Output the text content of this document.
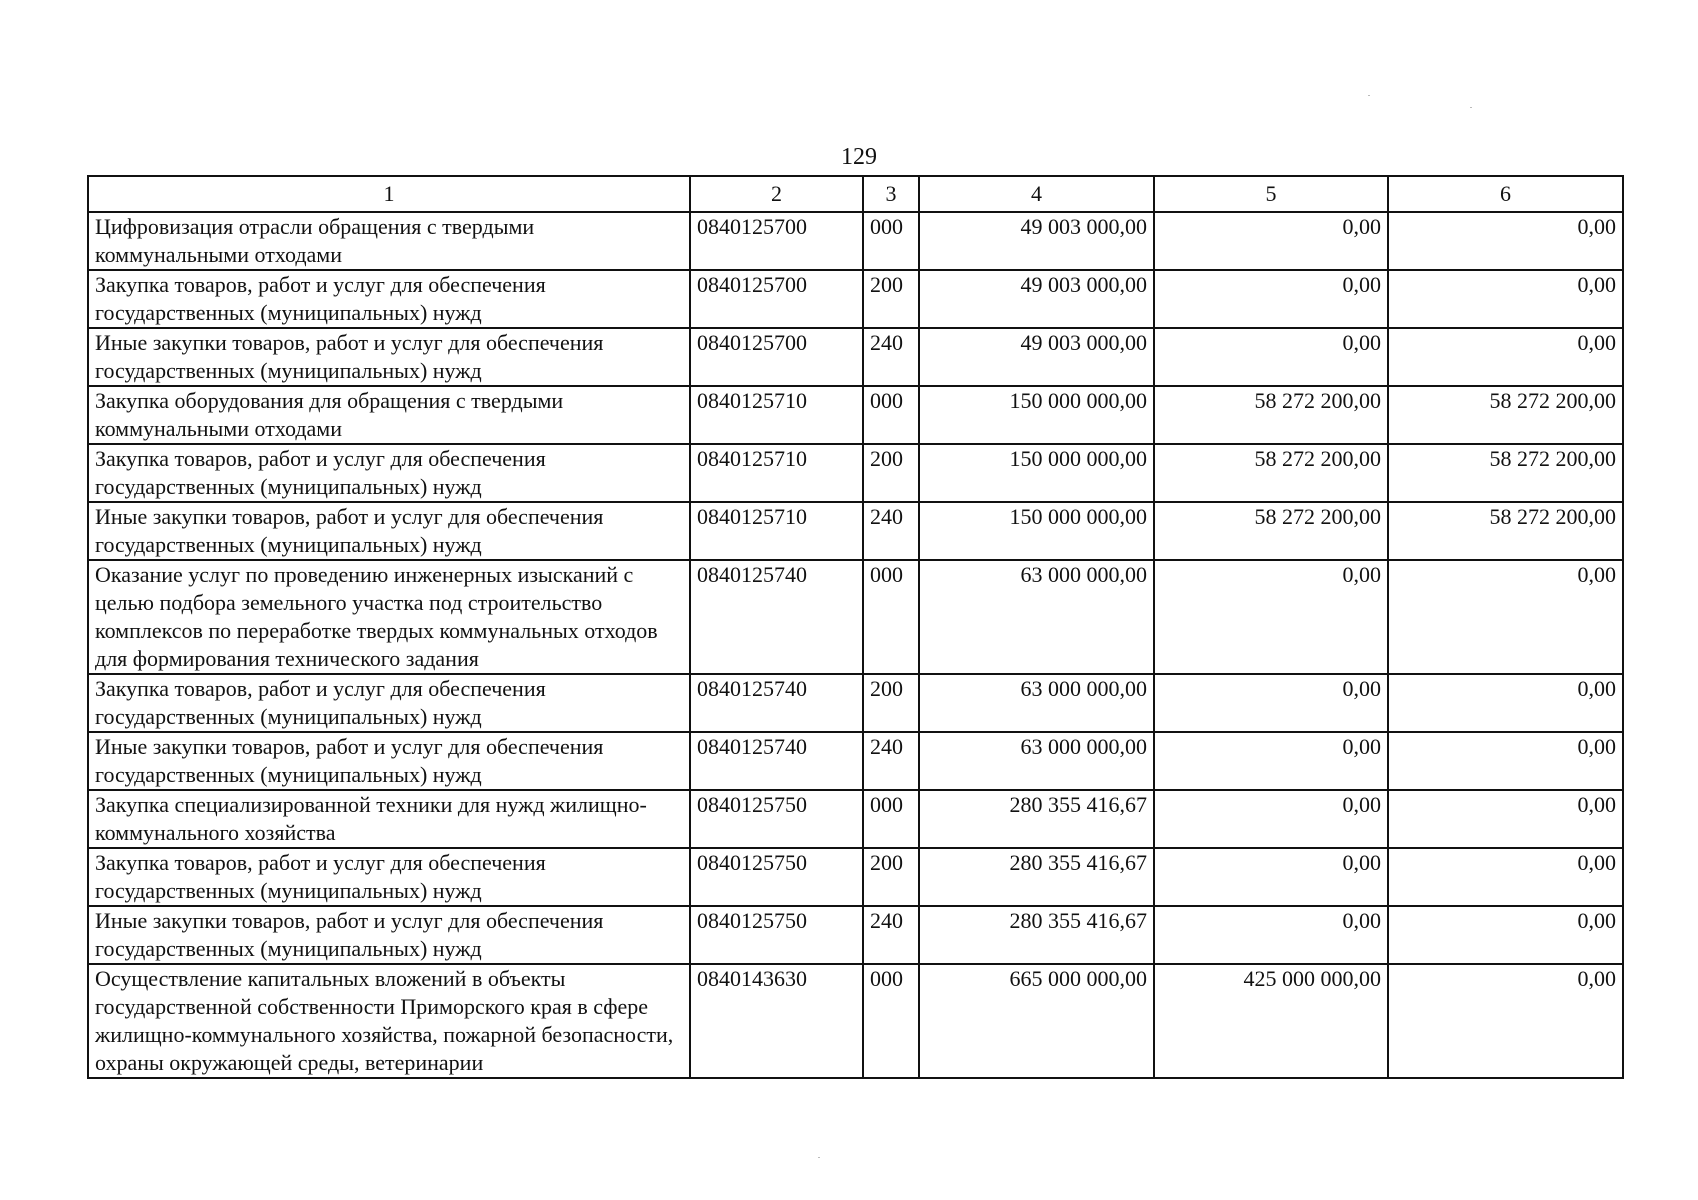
129
1	2	3	4	5	6
Цифровизация отрасли обращения с твердыми коммунальными отходами	0840125700	000	49 003 000,00	0,00	0,00
Закупка товаров, работ и услуг для обеспечения государственных (муниципальных) нужд	0840125700	200	49 003 000,00	0,00	0,00
Иные закупки товаров, работ и услуг для обеспечения государственных (муниципальных) нужд	0840125700	240	49 003 000,00	0,00	0,00
Закупка оборудования для обращения с твердыми коммунальными отходами	0840125710	000	150 000 000,00	58 272 200,00	58 272 200,00
Закупка товаров, работ и услуг для обеспечения государственных (муниципальных) нужд	0840125710	200	150 000 000,00	58 272 200,00	58 272 200,00
Иные закупки товаров, работ и услуг для обеспечения государственных (муниципальных) нужд	0840125710	240	150 000 000,00	58 272 200,00	58 272 200,00
Оказание услуг по проведению инженерных изысканий с целью подбора земельного участка под строительство комплексов по переработке твердых коммунальных отходов для формирования технического задания	0840125740	000	63 000 000,00	0,00	0,00
Закупка товаров, работ и услуг для обеспечения государственных (муниципальных) нужд	0840125740	200	63 000 000,00	0,00	0,00
Иные закупки товаров, работ и услуг для обеспечения государственных (муниципальных) нужд	0840125740	240	63 000 000,00	0,00	0,00
Закупка специализированной техники для нужд жилищно-коммунального хозяйства	0840125750	000	280 355 416,67	0,00	0,00
Закупка товаров, работ и услуг для обеспечения государственных (муниципальных) нужд	0840125750	200	280 355 416,67	0,00	0,00
Иные закупки товаров, работ и услуг для обеспечения государственных (муниципальных) нужд	0840125750	240	280 355 416,67	0,00	0,00
Осуществление капитальных вложений в объекты государственной собственности Приморского края в сфере жилищно-коммунального хозяйства, пожарной безопасности, охраны окружающей среды, ветеринарии	0840143630	000	665 000 000,00	425 000 000,00	0,00
